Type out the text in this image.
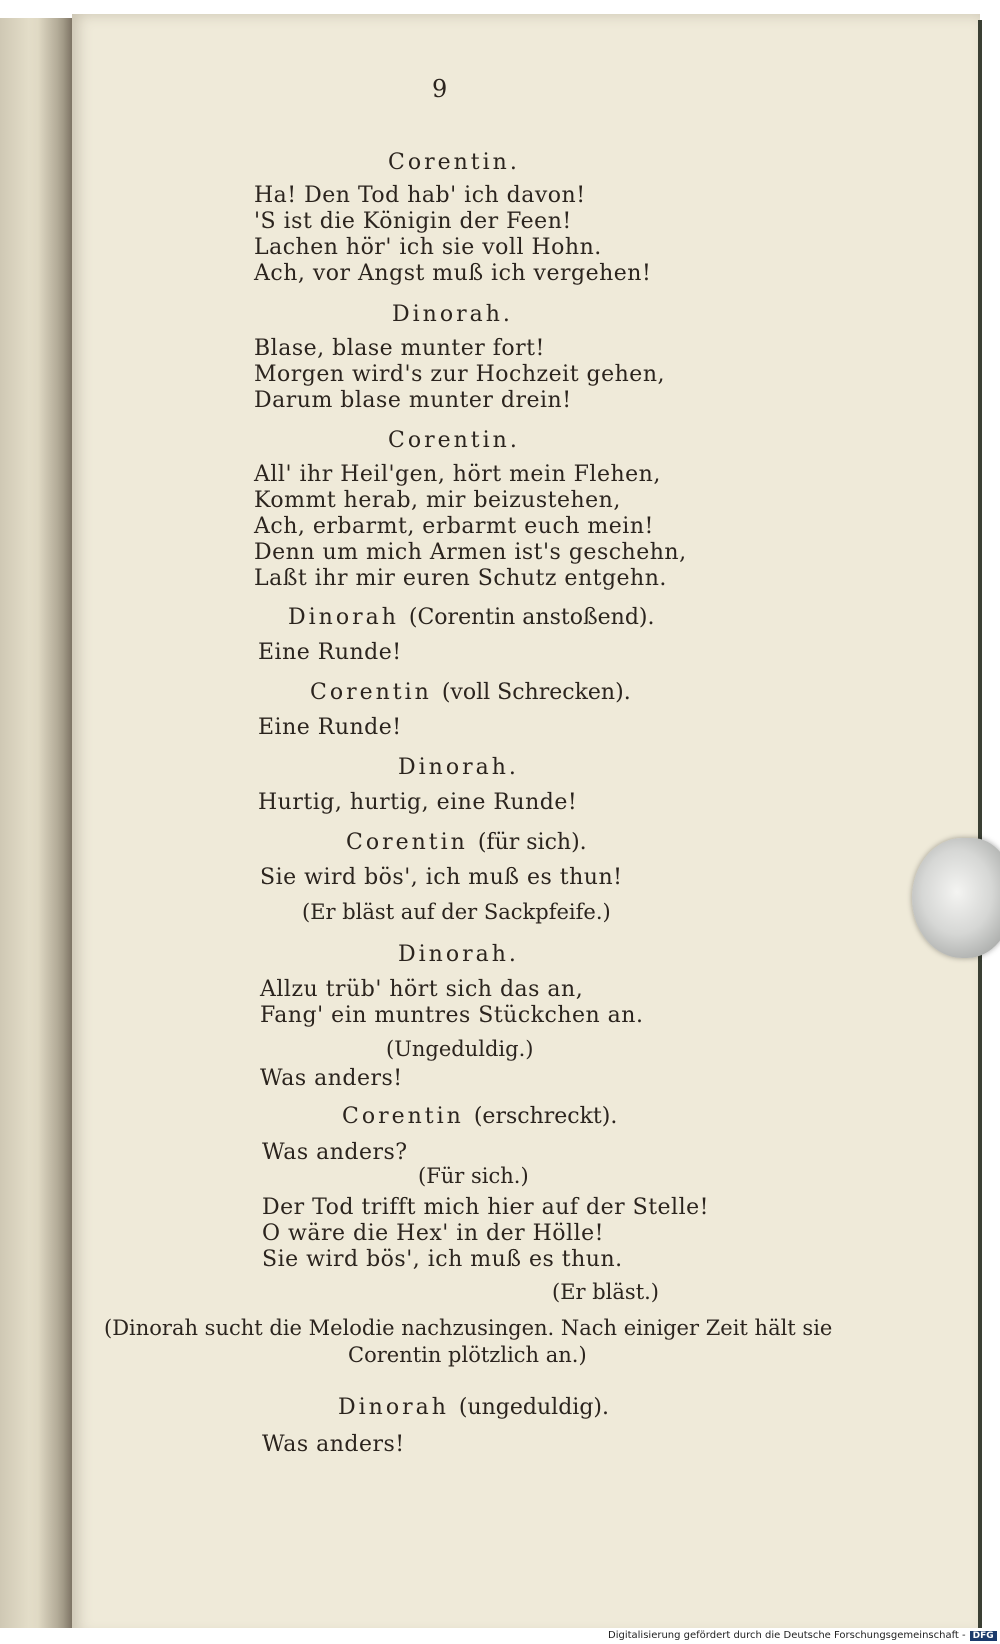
9
Corentin.
Ha! Den Tod hab' ich davon!
'S ist die Königin der Feen!
Lachen hör' ich sie voll Hohn.
Ach, vor Angst muß ich vergehen!
Dinorah.
Blase, blase munter fort!
Morgen wird's zur Hochzeit gehen,
Darum blase munter drein!
Corentin.
All' ihr Heil'gen, hört mein Flehen,
Kommt herab, mir beizustehen,
Ach, erbarmt, erbarmt euch mein!
Denn um mich Armen ist's geschehn,
Laßt ihr mir euren Schutz entgehn.
Dinorah (Corentin anstoßend).
Eine Runde!
Corentin (voll Schrecken).
Eine Runde!
Dinorah.
Hurtig, hurtig, eine Runde!
Corentin (für sich).
Sie wird bös', ich muß es thun!
(Er bläst auf der Sackpfeife.)
Dinorah.
Allzu trüb' hört sich das an,
Fang' ein muntres Stückchen an.
(Ungeduldig.)
Was anders!
Corentin (erschreckt).
Was anders?
(Für sich.)
Der Tod trifft mich hier auf der Stelle!
O wäre die Hex' in der Hölle!
Sie wird bös', ich muß es thun.
(Er bläst.)
(Dinorah sucht die Melodie nachzusingen. Nach einiger Zeit hält sie
Corentin plötzlich an.)
Dinorah (ungeduldig).
Was anders!
Digitalisierung gefördert durch die Deutsche Forschungsgemeinschaft - DFG
